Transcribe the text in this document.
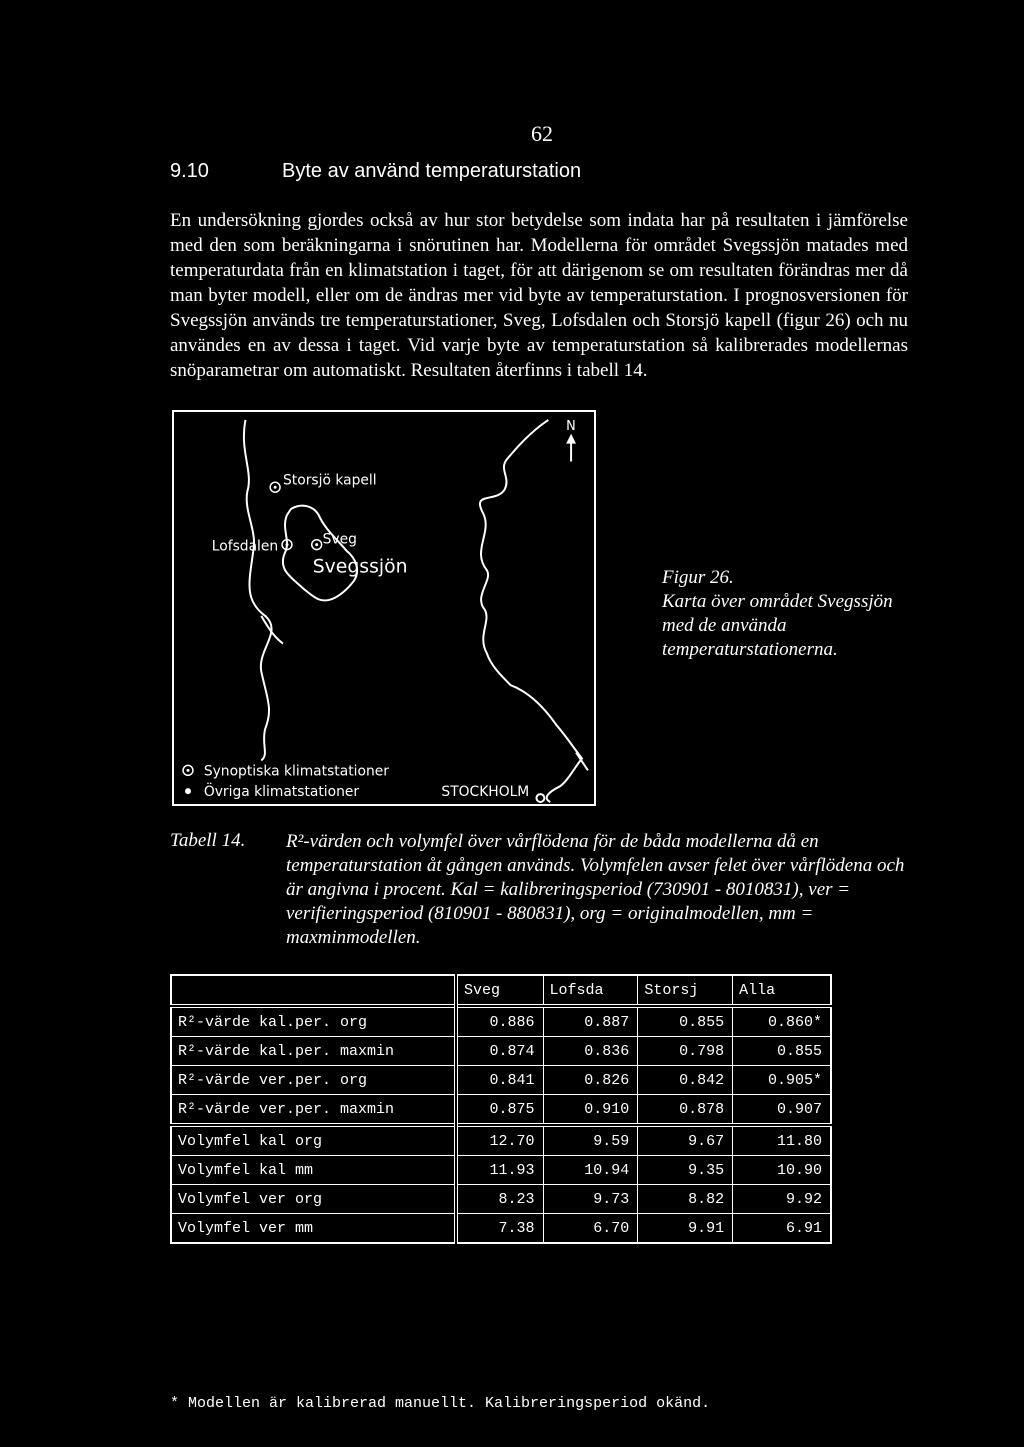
62
9.10	Byte av använd temperaturstation
En undersökning gjordes också av hur stor betydelse som indata har på resultaten i jämförelse med den som beräkningarna i snörutinen har. Modellerna för området Svegssjön matades med temperaturdata från en klimatstation i taget, för att därigenom se om resultaten förändras mer då man byter modell, eller om de ändras mer vid byte av temperaturstation. I prognosversionen för Svegssjön används tre temperaturstationer, Sveg, Lofsdalen och Storsjö kapell (figur 26) och nu användes en av dessa i taget. Vid varje byte av temperaturstation så kalibrerades modellernas snöparametrar om automatiskt. Resultaten återfinns i tabell 14.
N
Storsjö kapell
Lofsdalen	Sveg
Svegssjön
Synoptiska klimatstationer
Övriga klimatstationer	STOCKHOLM
Figur 26.
Karta över området Svegssjön med de använda temperaturstationerna.
Tabell 14. R²-värden och volymfel över vårflödena för de båda modellerna då en temperaturstation åt gången används. Volymfelen avser felet över vårflödena och är angivna i procent. Kal = kalibreringsperiod (730901 - 8010831), ver = verifieringsperiod (810901 - 880831), org = originalmodellen, mm = maxminmodellen.
	Sveg	Lofsda	Storsj	Alla
R²-värde kal.per. org	0.886	0.887	0.855	0.860*
R²-värde kal.per. maxmin	0.874	0.836	0.798	0.855
R²-värde ver.per. org	0.841	0.826	0.842	0.905*
R²-värde ver.per. maxmin	0.875	0.910	0.878	0.907
Volymfel kal org	12.70	9.59	9.67	11.80
Volymfel kal mm	11.93	10.94	9.35	10.90
Volymfel ver org	8.23	9.73	8.82	9.92
Volymfel ver mm	7.38	6.70	9.91	6.91
* Modellen är kalibrerad manuellt. Kalibreringsperiod okänd.
